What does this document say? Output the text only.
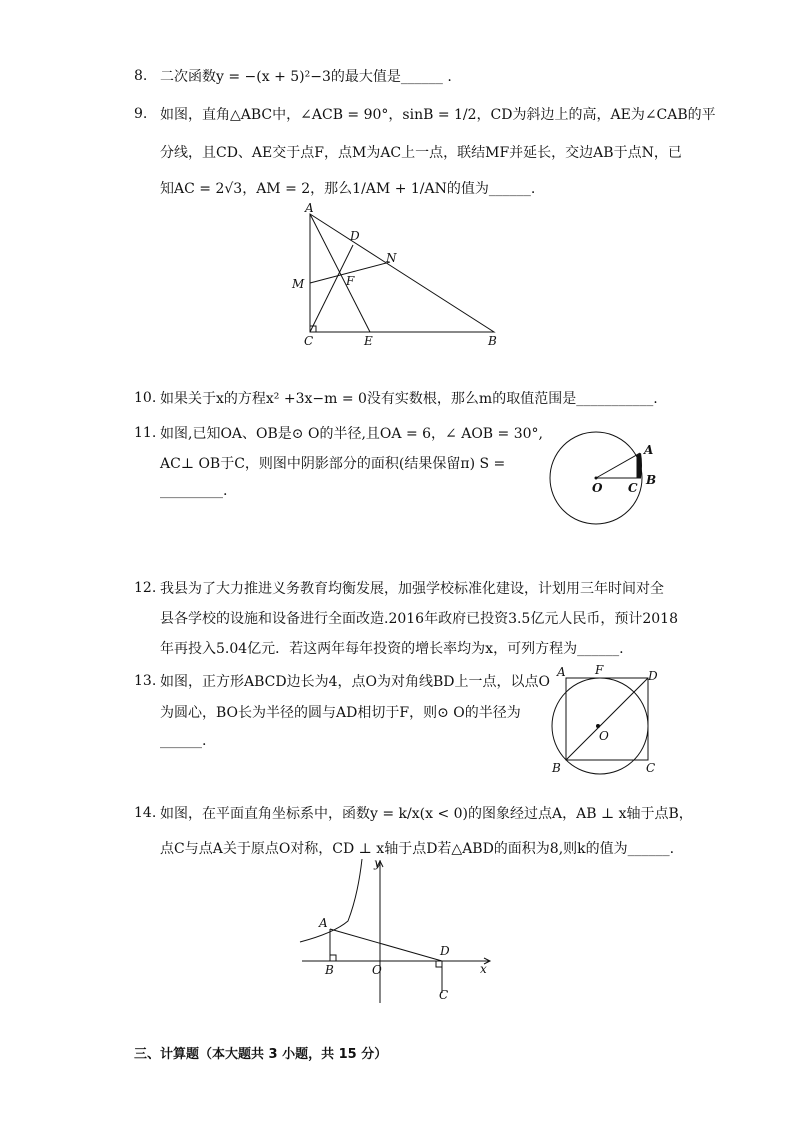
8. 二次函数y = −(x + 5)²−3的最大值是______ .
9. 如图，直角△ABC中，∠ACB = 90°，sinB = 1/2，CD为斜边上的高，AE为∠CAB的平
分线，且CD、AE交于点F，点M为AC上一点，联结MF并延长，交边AB于点N，已
知AC = 2√3，AM = 2，那么1/AM + 1/AN的值为______.
A
D
N
M	F
C	E	B
10. 如果关于x的方程x² +3x−m = 0没有实数根，那么m的取值范围是___________.
11. 如图,已知OA、OB是⊙ O的半径,且OA = 6，∠ AOB = 30°,
AC⊥ OB于C，则图中阴影部分的面积(结果保留π) S =
_________.
A
O C
B
12. 我县为了大力推进义务教育均衡发展，加强学校标准化建设，计划用三年时间对全
县各学校的设施和设备进行全面改造.2016年政府已投资3.5亿元人民币，预计2018
年再投入5.04亿元．若这两年每年投资的增长率均为x，可列方程为______.
13. 如图，正方形ABCD边长为4，点O为对角线BD上一点，以点O
为圆心，BO长为半径的圆与AD相切于F，则⊙ O的半径为
______.
A F	D
O
B	C
14. 如图，在平面直角坐标系中，函数y = k/x(x < 0)的图象经过点A，AB ⊥ x轴于点B，
点C与点A关于原点O对称，CD ⊥ x轴于点D若△ABD的面积为8,则k的值为______.
y
A
D
B	O	x
C
三、计算题（本大题共 3 小题，共 15 分）
